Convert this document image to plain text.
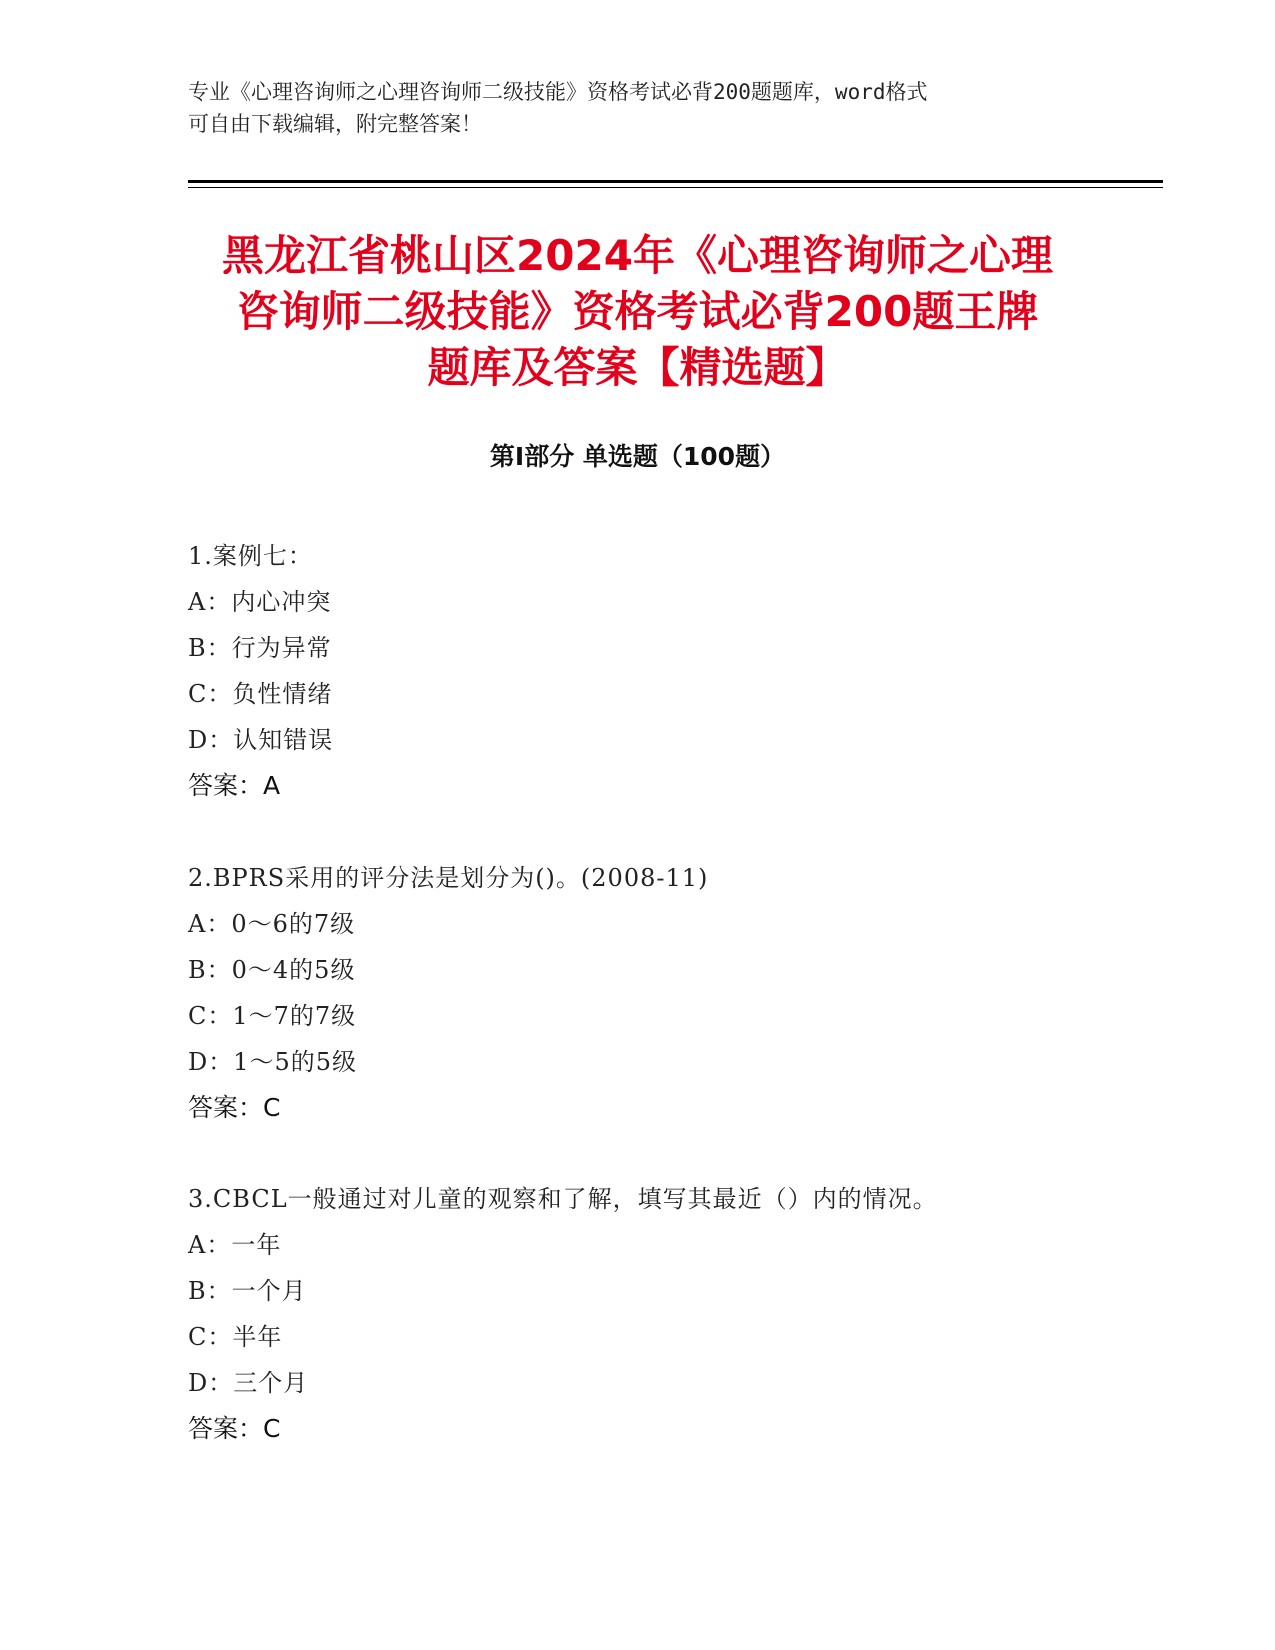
专业《心理咨询师之心理咨询师二级技能》资格考试必背200题题库，word格式
可自由下载编辑，附完整答案！
黑龙江省桃山区2024年《心理咨询师之心理
咨询师二级技能》资格考试必背200题王牌
题库及答案【精选题】
第Ⅰ部分 单选题（100题）
1.案例七：
A：内心冲突
B：行为异常
C：负性情绪
D：认知错误
答案：A
2.BPRS采用的评分法是划分为()。(2008-11)
A：0～6的7级
B：0～4的5级
C：1～7的7级
D：1～5的5级
答案：C
3.CBCL一般通过对儿童的观察和了解，填写其最近（）内的情况。
A：一年
B：一个月
C：半年
D：三个月
答案：C
